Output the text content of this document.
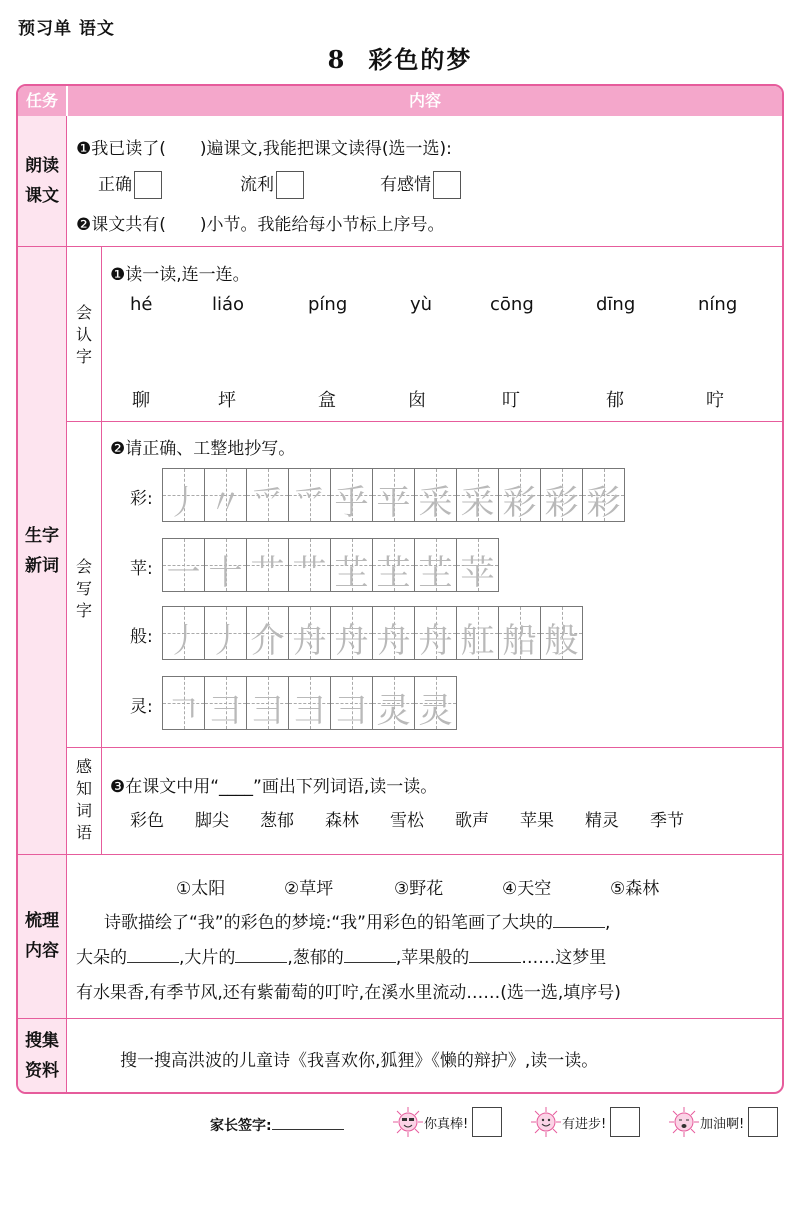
预习单 语文
8 彩色的梦
任务	内容
朗读
课文
❶我已读了(　　)遍课文,我能把课文读得(选一选):
正确	流利	有感情
❷课文共有(　　)小节。我能给每小节标上序号。
生字
新词
会
认
字
❶读一读,连一连。
hé	liáo	píng	yù	cōng	dīng	níng
聊	坪	盒	囱	叮	郁	咛
会
写
字
❷请正确、工整地抄写。
彩: 丿 〃 爫 爫 乎 平 采 采 彩 彩 彩
苹: 一 十 艹 艹 芏 芏 芏 苹
般: 丿 丿 介 舟 舟 舟 舟 舡 船 般
灵: 𠃍 彐 彐 彐 彐 灵 灵
感
知
词
语
❸在课文中用“____”画出下列词语,读一读。
彩色 脚尖 葱郁 森林 雪松 歌声 苹果 精灵 季节
梳理
内容
①太阳	②草坪	③野花	④天空	⑤森林
诗歌描绘了“我”的彩色的梦境:“我”用彩色的铅笔画了大块的	,
大朵的	,大片的	,葱郁的	,苹果般的	……这梦里
有水果香,有季节风,还有紫葡萄的叮咛,在溪水里流动……(选一选,填序号)
搜集
资料	搜一搜高洪波的儿童诗《我喜欢你,狐狸》《懒的辩护》,读一读。
家长签字:	你真棒!	有进步!	加油啊!
